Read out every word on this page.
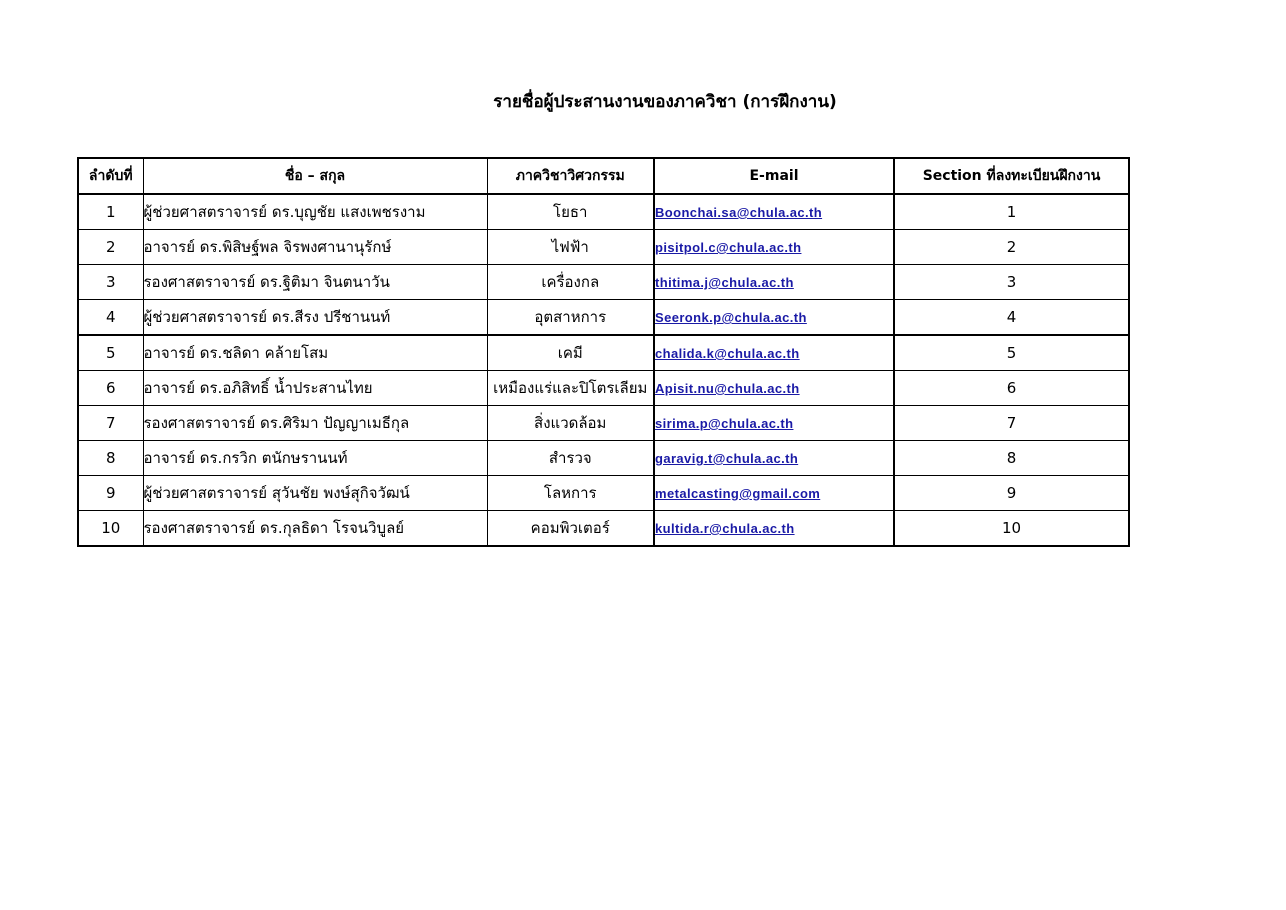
รายชื่อผู้ประสานงานของภาควิชา (การฝึกงาน)
ลำดับที่	ชื่อ – สกุล	ภาควิชาวิศวกรรม	E-mail	Section ที่ลงทะเบียนฝึกงาน
1	ผู้ช่วยศาสตราจารย์ ดร.บุญชัย แสงเพชรงาม	โยธา	Boonchai.sa@chula.ac.th	1
2	อาจารย์ ดร.พิสิษฐ์พล จิรพงศานานุรักษ์	ไฟฟ้า	pisitpol.c@chula.ac.th	2
3	รองศาสตราจารย์ ดร.ฐิติมา จินตนาวัน	เครื่องกล	thitima.j@chula.ac.th	3
4	ผู้ช่วยศาสตราจารย์ ดร.สีรง ปรีชานนท์	อุตสาหการ	Seeronk.p@chula.ac.th	4
5	อาจารย์ ดร.ชลิดา คล้ายโสม	เคมี	chalida.k@chula.ac.th	5
6	อาจารย์ ดร.อภิสิทธิ์ น้ำประสานไทย	เหมืองแร่และปิโตรเลียม	Apisit.nu@chula.ac.th	6
7	รองศาสตราจารย์ ดร.ศิริมา ปัญญาเมธีกุล	สิ่งแวดล้อม	sirima.p@chula.ac.th	7
8	อาจารย์ ดร.กรวิก ตนักษรานนท์	สำรวจ	garavig.t@chula.ac.th	8
9	ผู้ช่วยศาสตราจารย์ สุวันชัย พงษ์สุกิจวัฒน์	โลหการ	metalcasting@gmail.com	9
10	รองศาสตราจารย์ ดร.กุลธิดา โรจนวิบูลย์	คอมพิวเตอร์	kultida.r@chula.ac.th	10
